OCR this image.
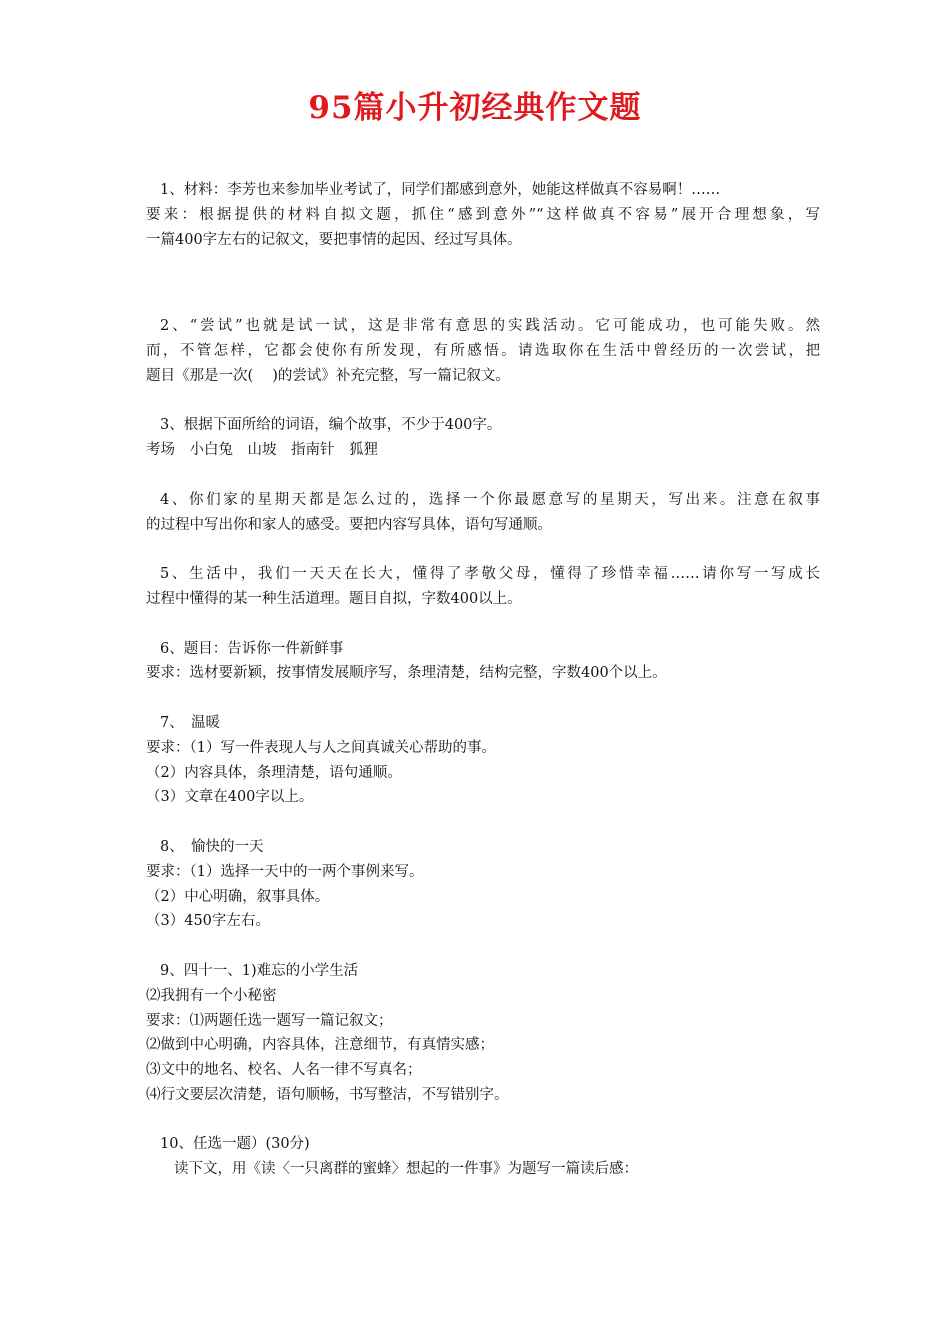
95篇小升初经典作文题
1、材料：李芳也来参加毕业考试了，同学们都感到意外，她能这样做真不容易啊！……
要来：根据提供的材料自拟文题，抓住“感到意外”“这样做真不容易”展开合理想象，写
一篇400字左右的记叙文，要把事情的起因、经过写具体。
2、“尝试”也就是试一试，这是非常有意思的实践活动。它可能成功，也可能失败。然
而，不管怎样，它都会使你有所发现，有所感悟。请选取你在生活中曾经历的一次尝试，把
题目《那是一次(　 )的尝试》补充完整，写一篇记叙文。
3、根据下面所给的词语，编个故事，不少于400字。
考场　小白兔　山坡　指南针　狐狸
4、你们家的星期天都是怎么过的，选择一个你最愿意写的星期天，写出来。注意在叙事
的过程中写出你和家人的感受。要把内容写具体，语句写通顺。
5、生活中，我们一天天在长大，懂得了孝敬父母，懂得了珍惜幸福……请你写一写成长
过程中懂得的某一种生活道理。题目自拟，字数400以上。
6、题目：告诉你一件新鲜事
要求：选材要新颖，按事情发展顺序写，条理清楚，结构完整，字数400个以上。
7、　温暖
要求：（1）写一件表现人与人之间真诚关心帮助的事。
（2）内容具体，条理清楚，语句通顺。
（3）文章在400字以上。
8、　愉快的一天
要求：（1）选择一天中的一两个事例来写。
（2）中心明确，叙事具体。
（3）450字左右。
9、四十一、1)难忘的小学生活
⑵我拥有一个小秘密
要求：⑴两题任选一题写一篇记叙文；
⑵做到中心明确，内容具体，注意细节，有真情实感；
⑶文中的地名、校名、人名一律不写真名；
⑷行文要层次清楚，语句顺畅，书写整洁，不写错别字。
10、任选一题）(30分)
读下文，用《读〈一只离群的蜜蜂〉想起的一件事》为题写一篇读后感：
